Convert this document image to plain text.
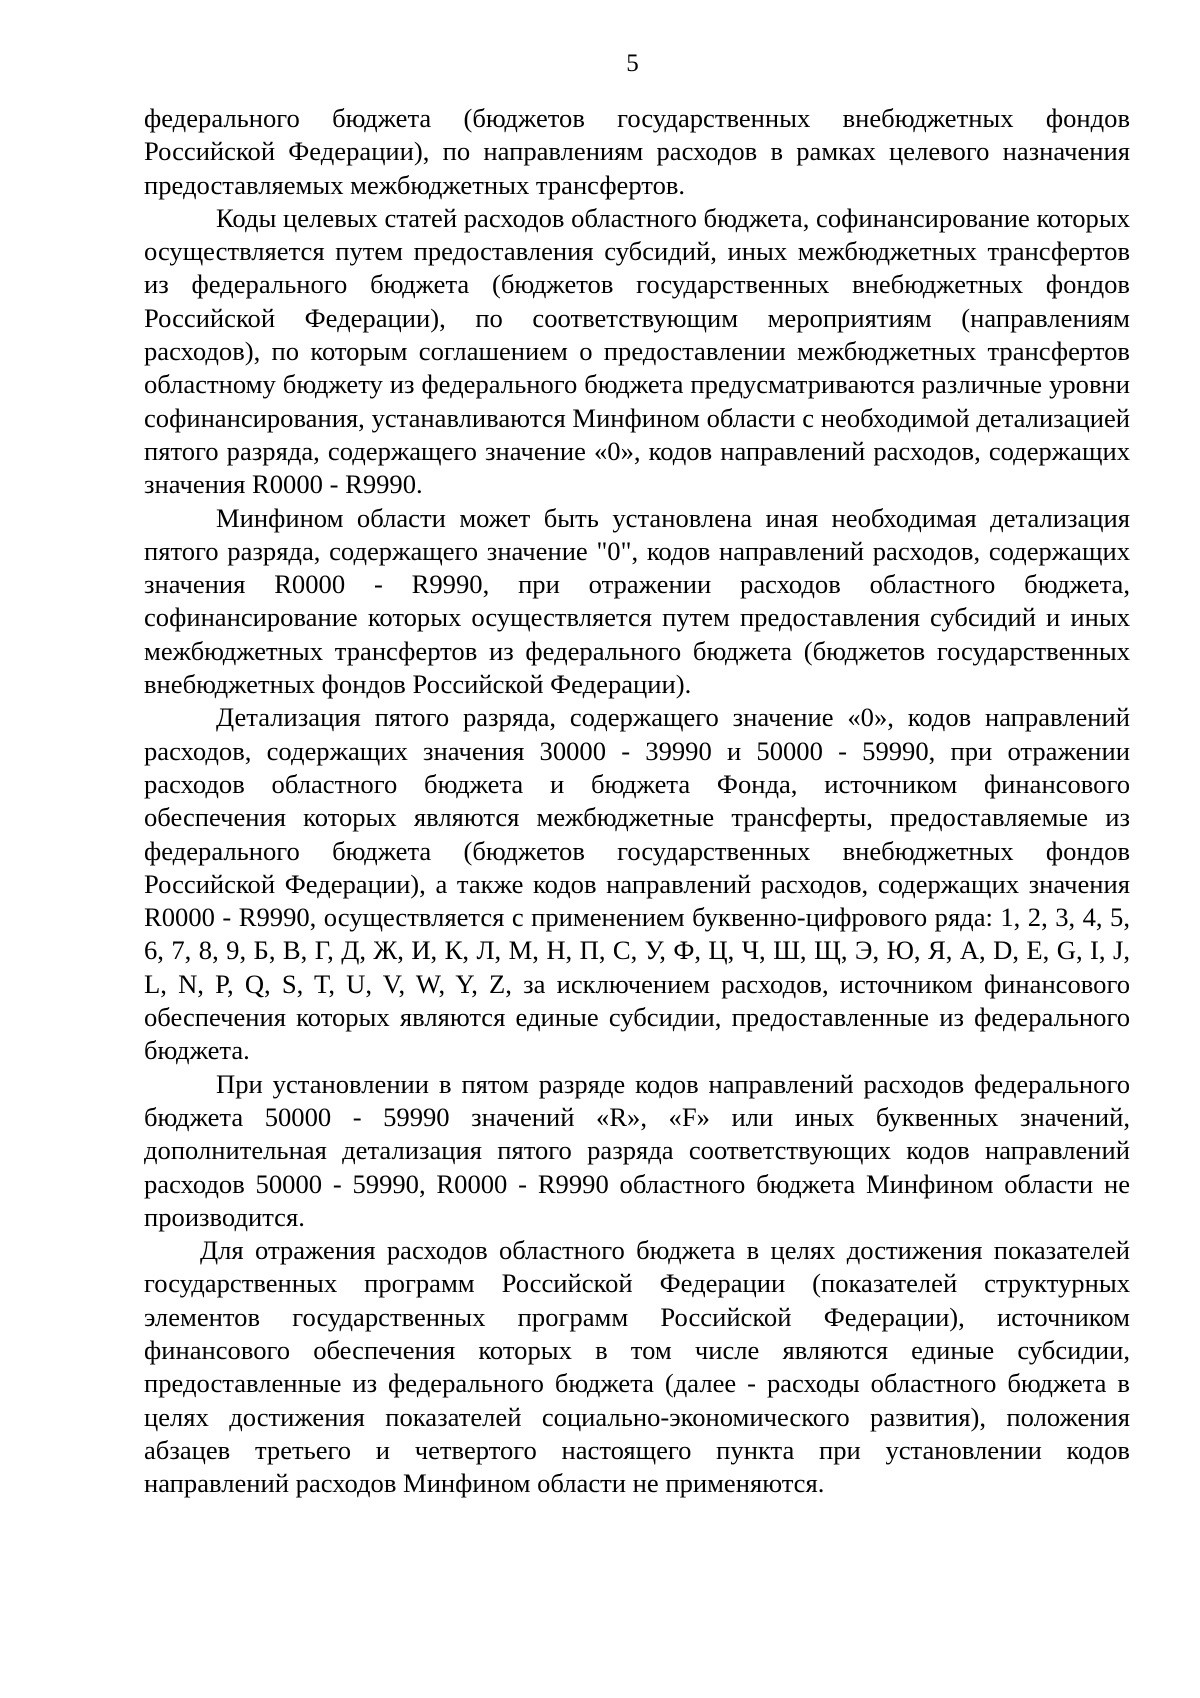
5

федерального бюджета (бюджетов государственных внебюджетных фондов Российской Федерации), по направлениям расходов в рамках целевого назначения предоставляемых межбюджетных трансфертов.

Коды целевых статей расходов областного бюджета, софинансирование которых осуществляется путем предоставления субсидий, иных межбюджетных трансфертов из федерального бюджета (бюджетов государственных внебюджетных фондов Российской Федерации), по соответствующим мероприятиям (направлениям расходов), по которым соглашением о предоставлении межбюджетных трансфертов областному бюджету из федерального бюджета предусматриваются различные уровни софинансирования, устанавливаются Минфином области с необходимой детализацией пятого разряда, содержащего значение «0», кодов направлений расходов, содержащих значения R0000 - R9990.

Минфином области может быть установлена иная необходимая детализация пятого разряда, содержащего значение "0", кодов направлений расходов, содержащих значения R0000 - R9990, при отражении расходов областного бюджета, софинансирование которых осуществляется путем предоставления субсидий и иных межбюджетных трансфертов из федерального бюджета (бюджетов государственных внебюджетных фондов Российской Федерации).

Детализация пятого разряда, содержащего значение «0», кодов направлений расходов, содержащих значения 30000 - 39990 и 50000 - 59990, при отражении расходов областного бюджета и бюджета Фонда, источником финансового обеспечения которых являются межбюджетные трансферты, предоставляемые из федерального бюджета (бюджетов государственных внебюджетных фондов Российской Федерации), а также кодов направлений расходов, содержащих значения R0000 - R9990, осуществляется с применением буквенно-цифрового ряда: 1, 2, 3, 4, 5, 6, 7, 8, 9, Б, В, Г, Д, Ж, И, К, Л, М, Н, П, С, У, Ф, Ц, Ч, Ш, Щ, Э, Ю, Я, A, D, E, G, I, J, L, N, P, Q, S, T, U, V, W, Y, Z, за исключением расходов, источником финансового обеспечения которых являются единые субсидии, предоставленные из федерального бюджета.

При установлении в пятом разряде кодов направлений расходов федерального бюджета 50000 - 59990 значений «R», «F» или иных буквенных значений, дополнительная детализация пятого разряда соответствующих кодов направлений расходов 50000 - 59990, R0000 - R9990 областного бюджета Минфином области не производится.

Для отражения расходов областного бюджета в целях достижения показателей государственных программ Российской Федерации (показателей структурных элементов государственных программ Российской Федерации), источником финансового обеспечения которых в том числе являются единые субсидии, предоставленные из федерального бюджета (далее - расходы областного бюджета в целях достижения показателей социально-экономического развития), положения абзацев третьего и четвертого настоящего пункта при установлении кодов направлений расходов Минфином области не применяются.
